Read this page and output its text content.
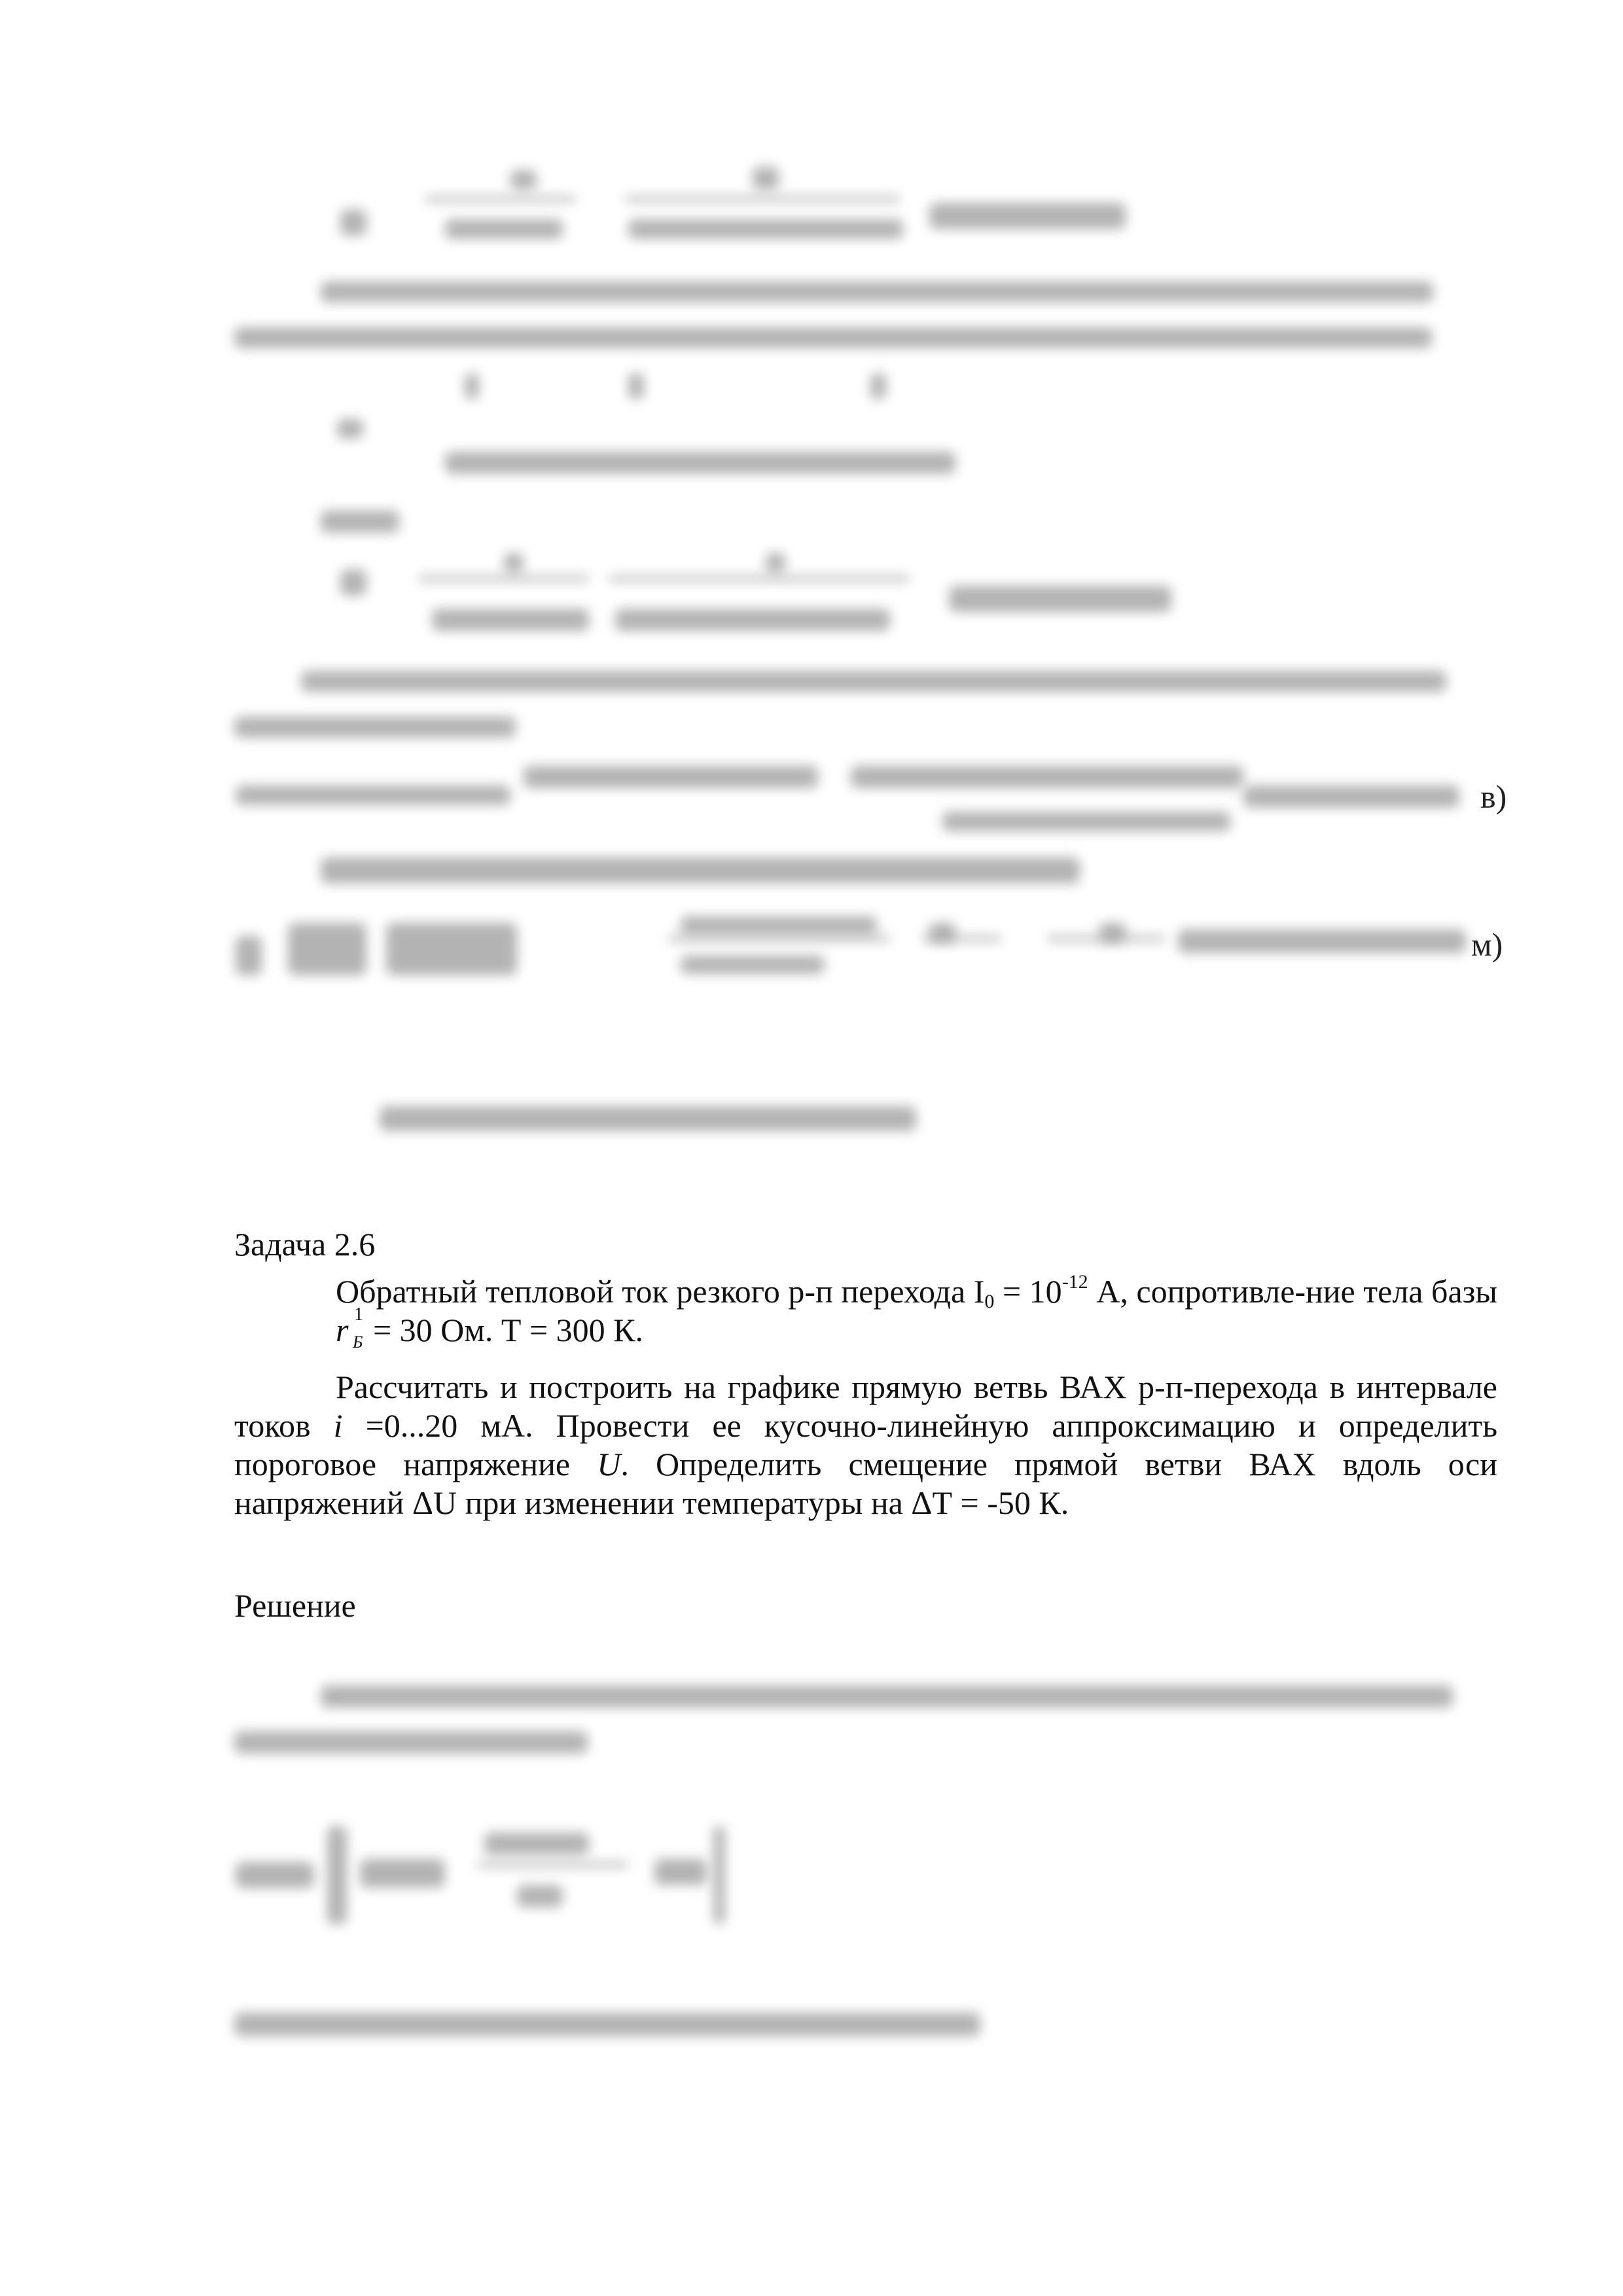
в)
м)
Задача 2.6
Обратный тепловой ток резкого р-п перехода $I_0 = 10^{-12}$ А, сопротивле-ние тела базы r 1
Б = 30 Ом. Т = 300 К.
Рассчитать и построить на графике прямую ветвь ВАХ р-п-перехода в интервале токов i =0...20 мА. Провести ее кусочно-линейную аппроксимацию и определить пороговое напряжение U. Определить смещение прямой ветви ВАХ вдоль оси напряжений ΔU при изменении температуры на ΔТ = -50 К.
Решение
